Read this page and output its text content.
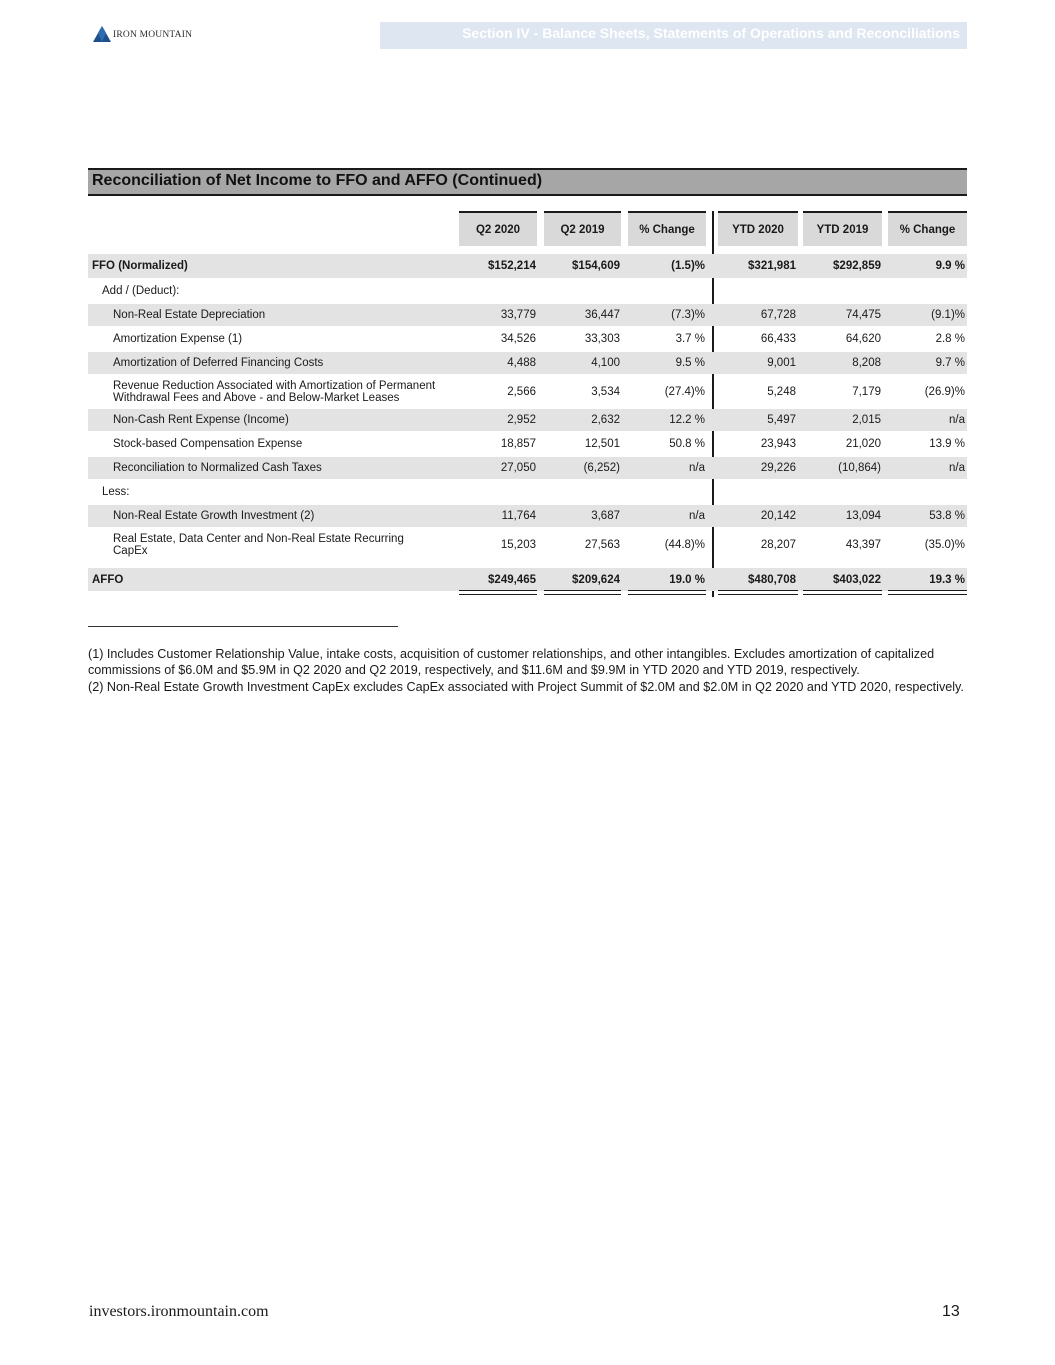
IRON MOUNTAIN	Section IV - Balance Sheets, Statements of Operations and Reconciliations
Reconciliation of Net Income to FFO and AFFO (Continued)
Q2 2020	Q2 2019	% Change	YTD 2020	YTD 2019	% Change
FFO (Normalized)	$152,214	$154,609	(1.5)%	$321,981	$292,859	9.9 %
Add / (Deduct):
Non-Real Estate Depreciation	33,779	36,447	(7.3)%	67,728	74,475	(9.1)%
Amortization Expense (1)	34,526	33,303	3.7 %	66,433	64,620	2.8 %
Amortization of Deferred Financing Costs	4,488	4,100	9.5 %	9,001	8,208	9.7 %
Revenue Reduction Associated with Amortization of Permanent
Withdrawal Fees and Above - and Below-Market Leases	2,566	3,534	(27.4)%	5,248	7,179	(26.9)%
Non-Cash Rent Expense (Income)	2,952	2,632	12.2 %	5,497	2,015	n/a
Stock-based Compensation Expense	18,857	12,501	50.8 %	23,943	21,020	13.9 %
Reconciliation to Normalized Cash Taxes	27,050	(6,252)	n/a	29,226	(10,864)	n/a
Less:
Non-Real Estate Growth Investment (2)	11,764	3,687	n/a	20,142	13,094	53.8 %
Real Estate, Data Center and Non-Real Estate Recurring
CapEx	15,203	27,563	(44.8)%	28,207	43,397	(35.0)%
AFFO	$249,465	$209,624	19.0 %	$480,708	$403,022	19.3 %

(1) Includes Customer Relationship Value, intake costs, acquisition of customer relationships, and other intangibles. Excludes amortization of capitalized commissions of $6.0M and $5.9M in Q2 2020 and Q2 2019, respectively, and $11.6M and $9.9M in YTD 2020 and YTD 2019, respectively.

(2) Non-Real Estate Growth Investment CapEx excludes CapEx associated with Project Summit of $2.0M and $2.0M in Q2 2020 and YTD 2020, respectively.

investors.ironmountain.com	13
